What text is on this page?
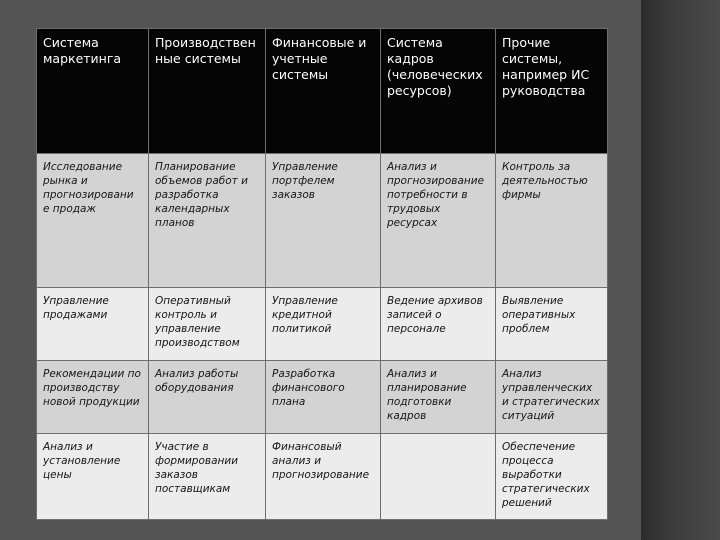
Система маркетинга	Производствен ные системы	Финансовые и учетные системы	Система кадров (человеческих ресурсов)	Прочие системы, например ИС руководства
Исследование рынка и прогнозировани е продаж	Планирование объемов работ и разработка календарных планов	Управление портфелем заказов	Анализ и прогнозирование потребности в трудовых ресурсах	Контроль за деятельностью фирмы
Управление продажами	Оперативный контроль и управление производством	Управление кредитной политикой	Ведение архивов записей о персонале	Выявление оперативных проблем
Рекомендации по производству новой продукции	Анализ работы оборудования	Разработка финансового плана	Анализ и планирование подготовки кадров	Анализ управленческих и стратегических ситуаций
Анализ и установление цены	Участие в формировании заказов поставщикам	Финансовый анализ и прогнозирование		Обеспечение процесса выработки стратегических решений
